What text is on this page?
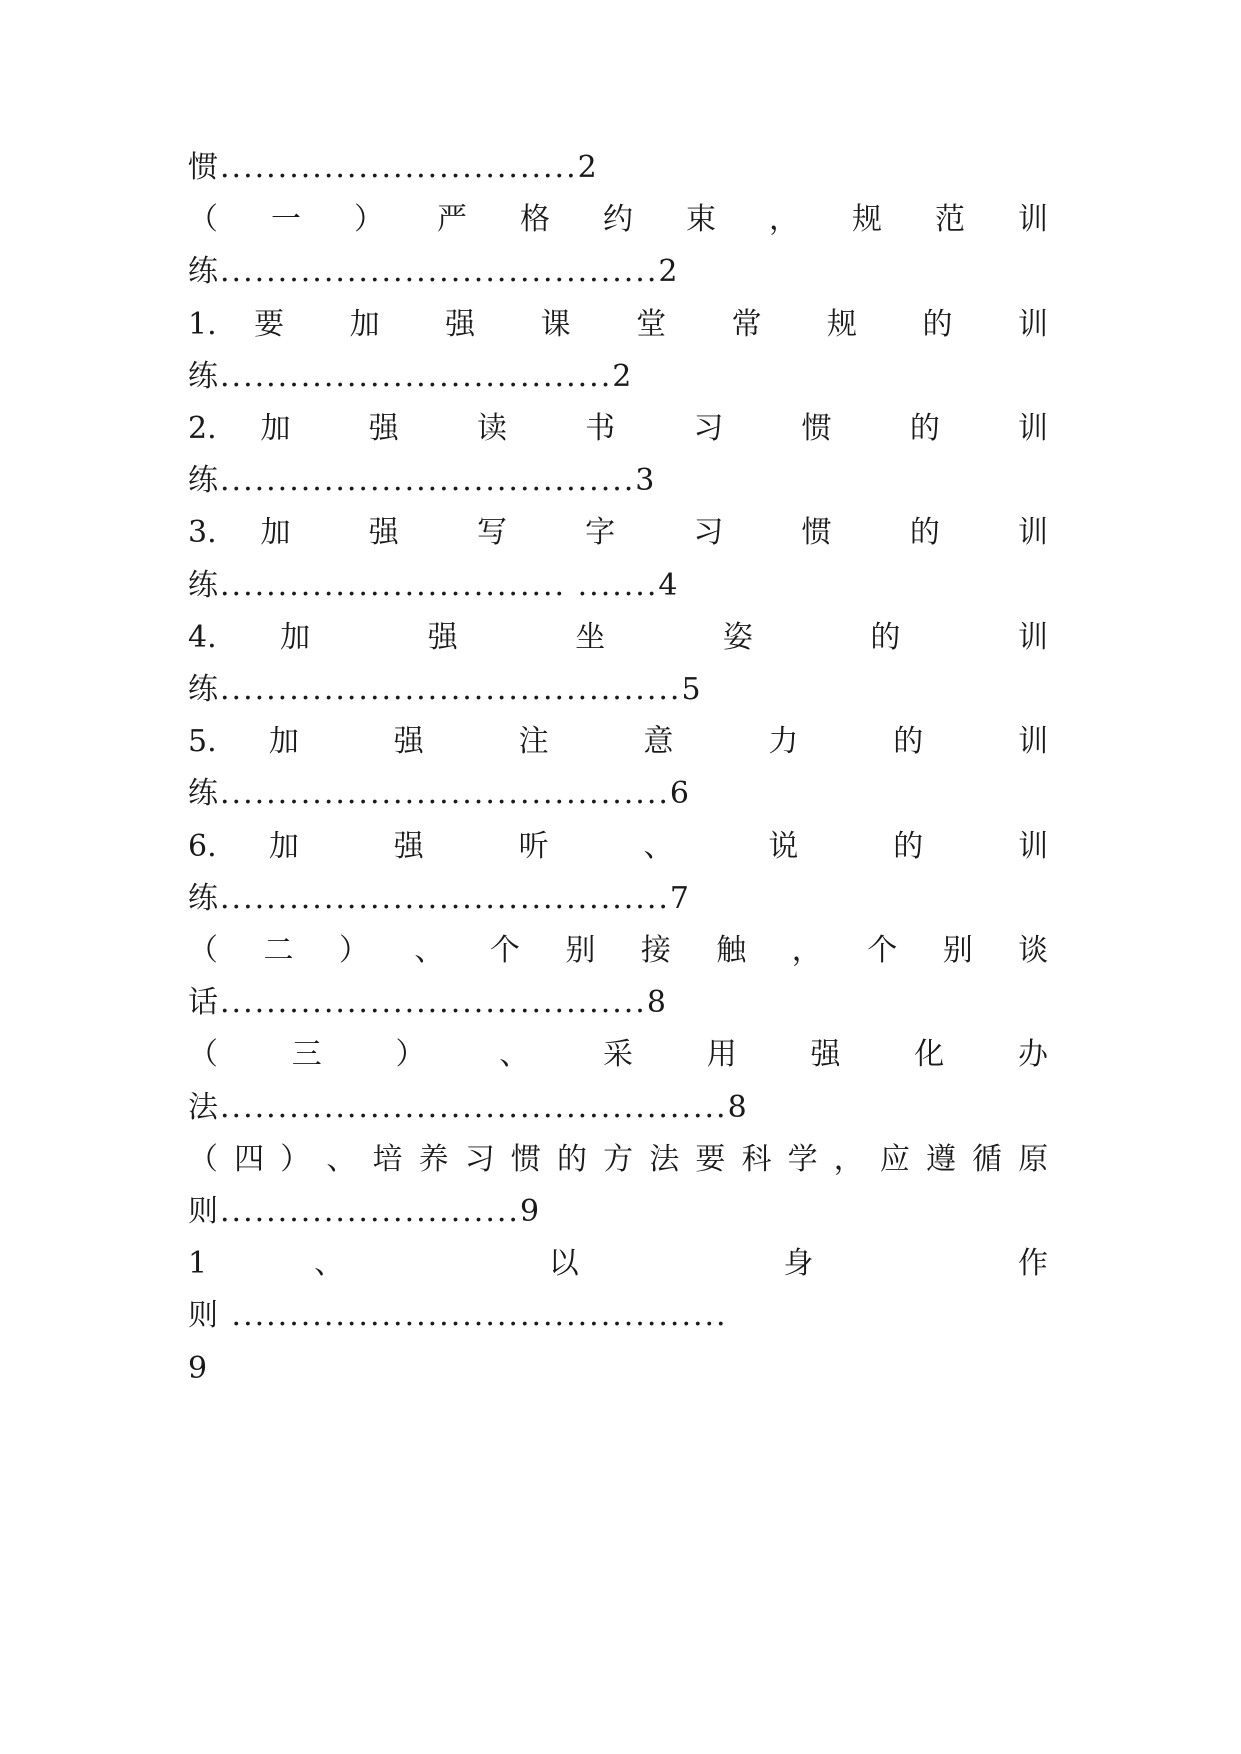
惯...............................2
（ 一 ） 严 格 约 束 ， 规 范 训
练......................................2
1. 要 加 强 课 堂 常 规 的 训
练..................................2
2. 加 强 读 书 习 惯 的 训
练....................................3
3. 加 强 写 字 习 惯 的 训
练.............................. .......4
4. 加 强 坐 姿 的 训
练........................................5
5. 加 强 注 意 力 的 训
练.......................................6
6. 加 强 听 、 说 的 训
练.......................................7
（ 二 ） 、 个 别 接 触 ， 个 别 谈
话.....................................8
（ 三 ） 、 采 用 强 化 办
法............................................8
（ 四 ） 、 培 养 习 惯 的 方 法 要 科 学 ， 应 遵 循 原
则..........................9
1	、	以	身	作
则 ...........................................
9
